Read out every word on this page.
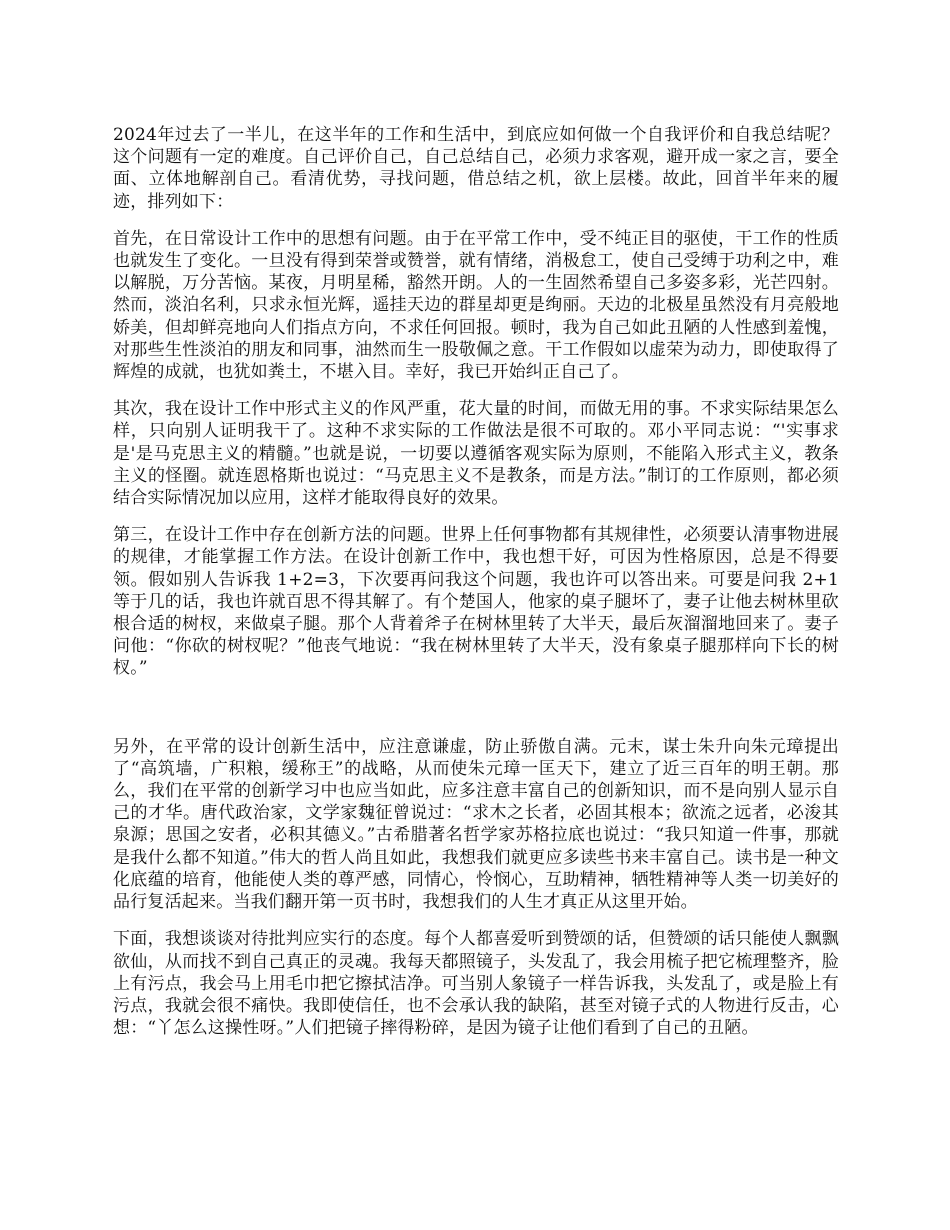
2024年过去了一半儿，在这半年的工作和生活中，到底应如何做一个自我评价和自我总结呢？这个问题有一定的难度。自己评价自己，自己总结自己，必须力求客观，避开成一家之言，要全面、立体地解剖自己。看清优势，寻找问题，借总结之机，欲上层楼。故此，回首半年来的履迹，排列如下：

首先，在日常设计工作中的思想有问题。由于在平常工作中，受不纯正目的驱使，干工作的性质也就发生了变化。一旦没有得到荣誉或赞誉，就有情绪，消极怠工，使自己受缚于功利之中，难以解脱，万分苦恼。某夜，月明星稀，豁然开朗。人的一生固然希望自己多姿多彩，光芒四射。然而，淡泊名利，只求永恒光辉，遥挂天边的群星却更是绚丽。天边的北极星虽然没有月亮般地娇美，但却鲜亮地向人们指点方向，不求任何回报。顿时，我为自己如此丑陋的人性感到羞愧，对那些生性淡泊的朋友和同事，油然而生一股敬佩之意。干工作假如以虚荣为动力，即使取得了辉煌的成就，也犹如粪土，不堪入目。幸好，我已开始纠正自己了。

其次，我在设计工作中形式主义的作风严重，花大量的时间，而做无用的事。不求实际结果怎么样，只向别人证明我干了。这种不求实际的工作做法是很不可取的。邓小平同志说：“'实事求是'是马克思主义的精髓。”也就是说，一切要以遵循客观实际为原则，不能陷入形式主义，教条主义的怪圈。就连恩格斯也说过：“马克思主义不是教条，而是方法。”制订的工作原则，都必须结合实际情况加以应用，这样才能取得良好的效果。

第三，在设计工作中存在创新方法的问题。世界上任何事物都有其规律性，必须要认清事物进展的规律，才能掌握工作方法。在设计创新工作中，我也想干好，可因为性格原因，总是不得要领。假如别人告诉我 1+2=3，下次要再问我这个问题，我也许可以答出来。可要是问我 2+1 等于几的话，我也许就百思不得其解了。有个楚国人，他家的桌子腿坏了，妻子让他去树林里砍根合适的树杈，来做桌子腿。那个人背着斧子在树林里转了大半天，最后灰溜溜地回来了。妻子问他：“你砍的树杈呢？”他丧气地说：“我在树林里转了大半天，没有象桌子腿那样向下长的树杈。”

另外，在平常的设计创新生活中，应注意谦虚，防止骄傲自满。元末，谋士朱升向朱元璋提出了“高筑墙，广积粮，缓称王”的战略，从而使朱元璋一匡天下，建立了近三百年的明王朝。那么，我们在平常的创新学习中也应当如此，应多注意丰富自己的创新知识，而不是向别人显示自己的才华。唐代政治家，文学家魏征曾说过：“求木之长者，必固其根本；欲流之远者，必浚其泉源；思国之安者，必积其德义。”古希腊著名哲学家苏格拉底也说过：“我只知道一件事，那就是我什么都不知道。”伟大的哲人尚且如此，我想我们就更应多读些书来丰富自己。读书是一种文化底蕴的培育，他能使人类的尊严感，同情心，怜悯心，互助精神，牺牲精神等人类一切美好的品行复活起来。当我们翻开第一页书时，我想我们的人生才真正从这里开始。

下面，我想谈谈对待批判应实行的态度。每个人都喜爱听到赞颂的话，但赞颂的话只能使人飘飘欲仙，从而找不到自己真正的灵魂。我每天都照镜子，头发乱了，我会用梳子把它梳理整齐，脸上有污点，我会马上用毛巾把它擦拭洁净。可当别人象镜子一样告诉我，头发乱了，或是脸上有污点，我就会很不痛快。我即使信任，也不会承认我的缺陷，甚至对镜子式的人物进行反击，心想：“丫怎么这操性呀。”人们把镜子摔得粉碎，是因为镜子让他们看到了自己的丑陋。
